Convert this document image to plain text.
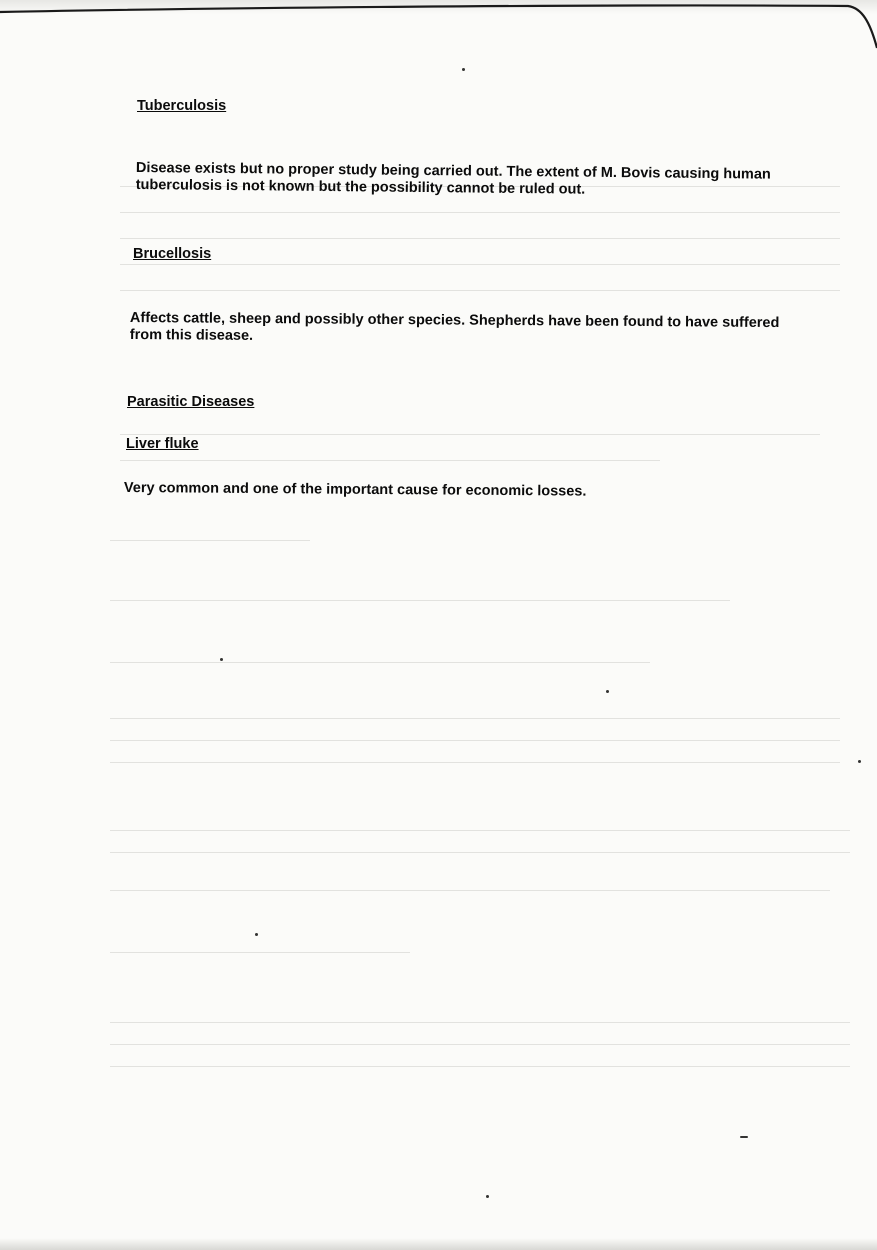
Tuberculosis
Disease exists but no proper study being carried out. The extent of M. Bovis causing human
tuberculosis is not known but the possibility cannot be ruled out.
Brucellosis
Affects cattle, sheep and possibly other species. Shepherds have been found to have suffered
from this disease.
Parasitic Diseases
Liver fluke
Very common and one of the important cause for economic losses.
